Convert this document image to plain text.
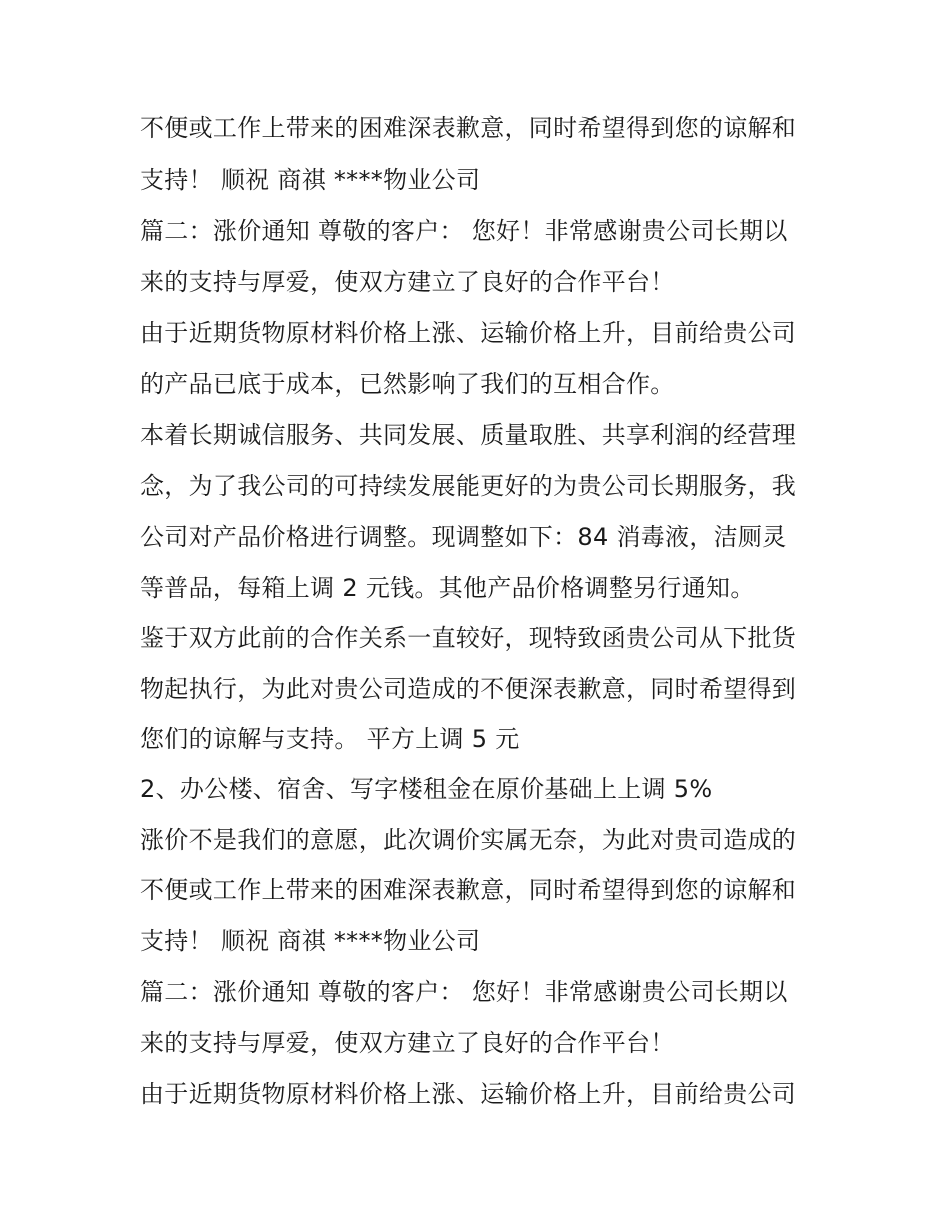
不便或工作上带来的困难深表歉意，同时希望得到您的谅解和
支持！ 顺祝 商祺 ****物业公司
篇二：涨价通知 尊敬的客户： 您好！非常感谢贵公司长期以
来的支持与厚爱，使双方建立了良好的合作平台！
由于近期货物原材料价格上涨、运输价格上升，目前给贵公司
的产品已底于成本，已然影响了我们的互相合作。
本着长期诚信服务、共同发展、质量取胜、共享利润的经营理
念，为了我公司的可持续发展能更好的为贵公司长期服务，我
公司对产品价格进行调整。现调整如下：84 消毒液，洁厕灵
等普品，每箱上调 2 元钱。其他产品价格调整另行通知。
鉴于双方此前的合作关系一直较好，现特致函贵公司从下批货
物起执行，为此对贵公司造成的不便深表歉意，同时希望得到
您们的谅解与支持。 平方上调 5 元
2、办公楼、宿舍、写字楼租金在原价基础上上调 5%
涨价不是我们的意愿，此次调价实属无奈，为此对贵司造成的
不便或工作上带来的困难深表歉意，同时希望得到您的谅解和
支持！ 顺祝 商祺 ****物业公司
篇二：涨价通知 尊敬的客户： 您好！非常感谢贵公司长期以
来的支持与厚爱，使双方建立了良好的合作平台！
由于近期货物原材料价格上涨、运输价格上升，目前给贵公司
